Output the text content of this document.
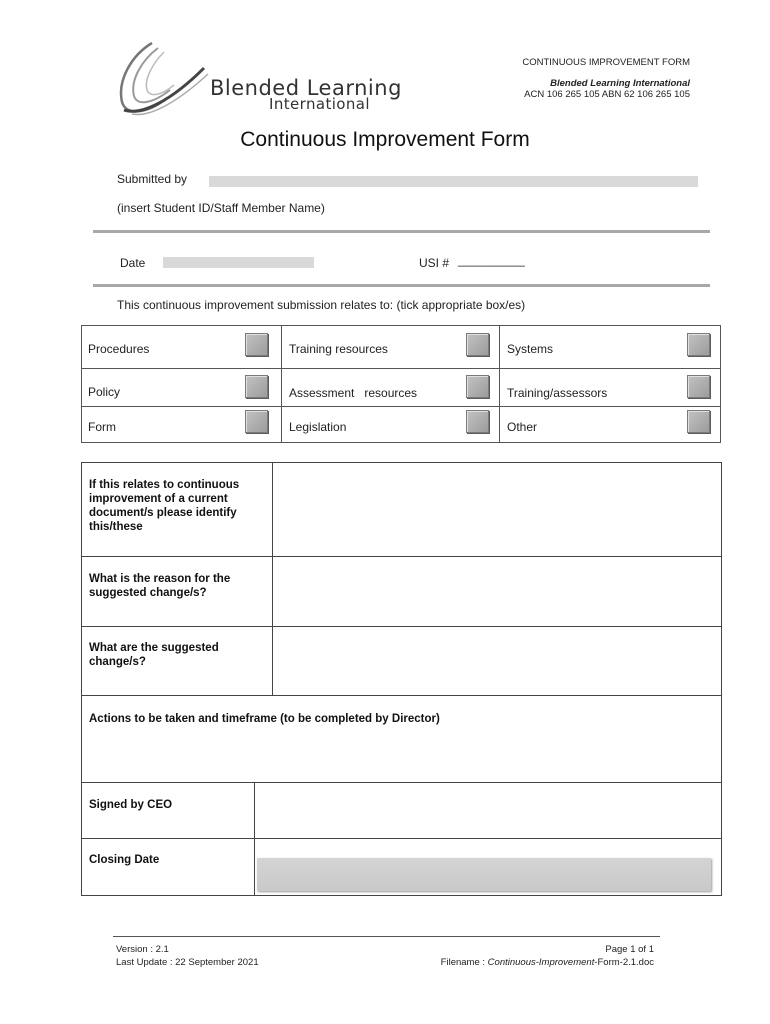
Blended Learning
International
CONTINUOUS IMPROVEMENT FORM
Blended Learning International
ACN 106 265 105 ABN 62 106 265 105
Continuous Improvement Form
Submitted by
(insert Student ID/Staff Member Name)
Date	USI # __________
This continuous improvement submission relates to: (tick appropriate box/es)
Procedures	Training resources	Systems
Policy	Assessment   resources	Training/assessors
Form	Legislation	Other
If this relates to continuous improvement of a current document/s please identify this/these
What is the reason for the suggested change/s?
What are the suggested change/s?
Actions to be taken and timeframe (to be completed by Director)
Signed by CEO
Closing Date
Version : 2.1
Last Update : 22 September 2021
Page 1 of 1
Filename : Continuous-Improvement-Form-2.1.doc
